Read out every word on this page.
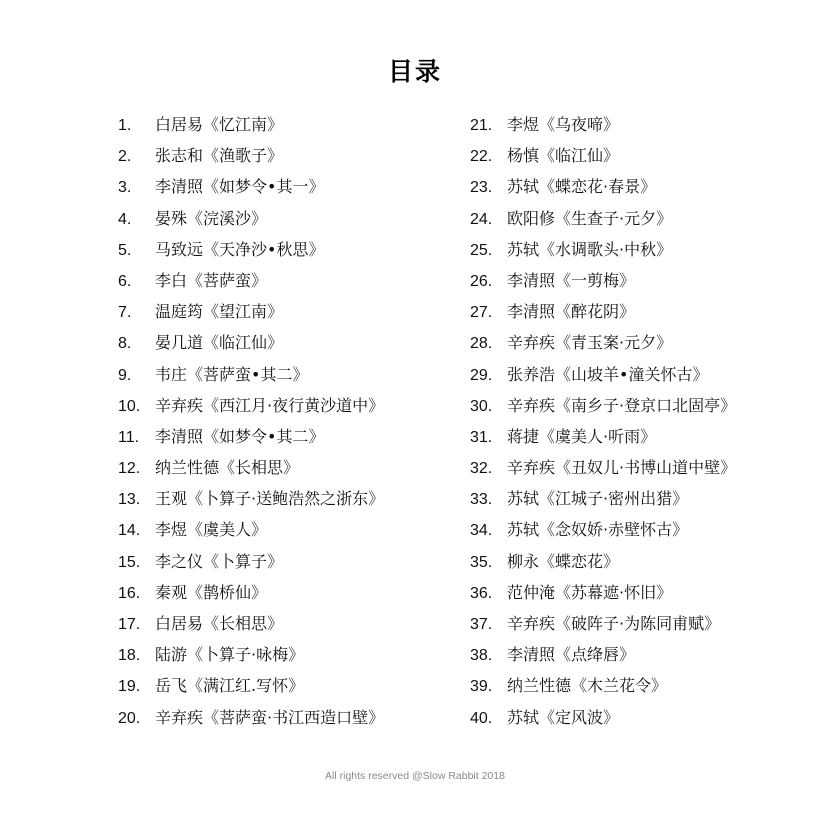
目录
1. 白居易《忆江南》
2.张志和《渔歌子》
3. 李清照《如梦令•其一》
4. 晏殊《浣溪沙》
5. 马致远《天净沙•秋思》
6. 李白《菩萨蛮》
7. 温庭筠《望江南》
8. 晏几道《临江仙》
9. 韦庄《菩萨蛮•其二》
10. 辛弃疾《西江月·夜行黄沙道中》
11. 李清照《如梦令•其二》
12. 纳兰性德《长相思》
13. 王观《卜算子·送鲍浩然之浙东》
14. 李煜《虞美人》
15. 李之仪《卜算子》
16. 秦观《鹊桥仙》
17. 白居易《长相思》
18. 陆游《卜算子·咏梅》
19. 岳飞《满江红.写怀》
20. 辛弃疾《菩萨蛮·书江西造口壁》
21. 李煜《乌夜啼》
22. 杨慎《临江仙》
23. 苏轼《蝶恋花·春景》
24. 欧阳修《生查子·元夕》
25. 苏轼《水调歌头·中秋》
26. 李清照《一剪梅》
27. 李清照《醉花阴》
28. 辛弃疾《青玉案·元夕》
29. 张养浩《山坡羊•潼关怀古》
30. 辛弃疾《南乡子·登京口北固亭》
31. 蒋捷《虞美人·听雨》
32. 辛弃疾《丑奴儿·书博山道中壁》
33. 苏轼《江城子·密州出猎》
34. 苏轼《念奴娇·赤壁怀古》
35. 柳永《蝶恋花》
36. 范仲淹《苏幕遮·怀旧》
37. 辛弃疾《破阵子·为陈同甫赋》
38. 李清照《点绛唇》
39. 纳兰性德《木兰花令》
40. 苏轼《定风波》
All rights reserved @Slow Rabbit 2018
